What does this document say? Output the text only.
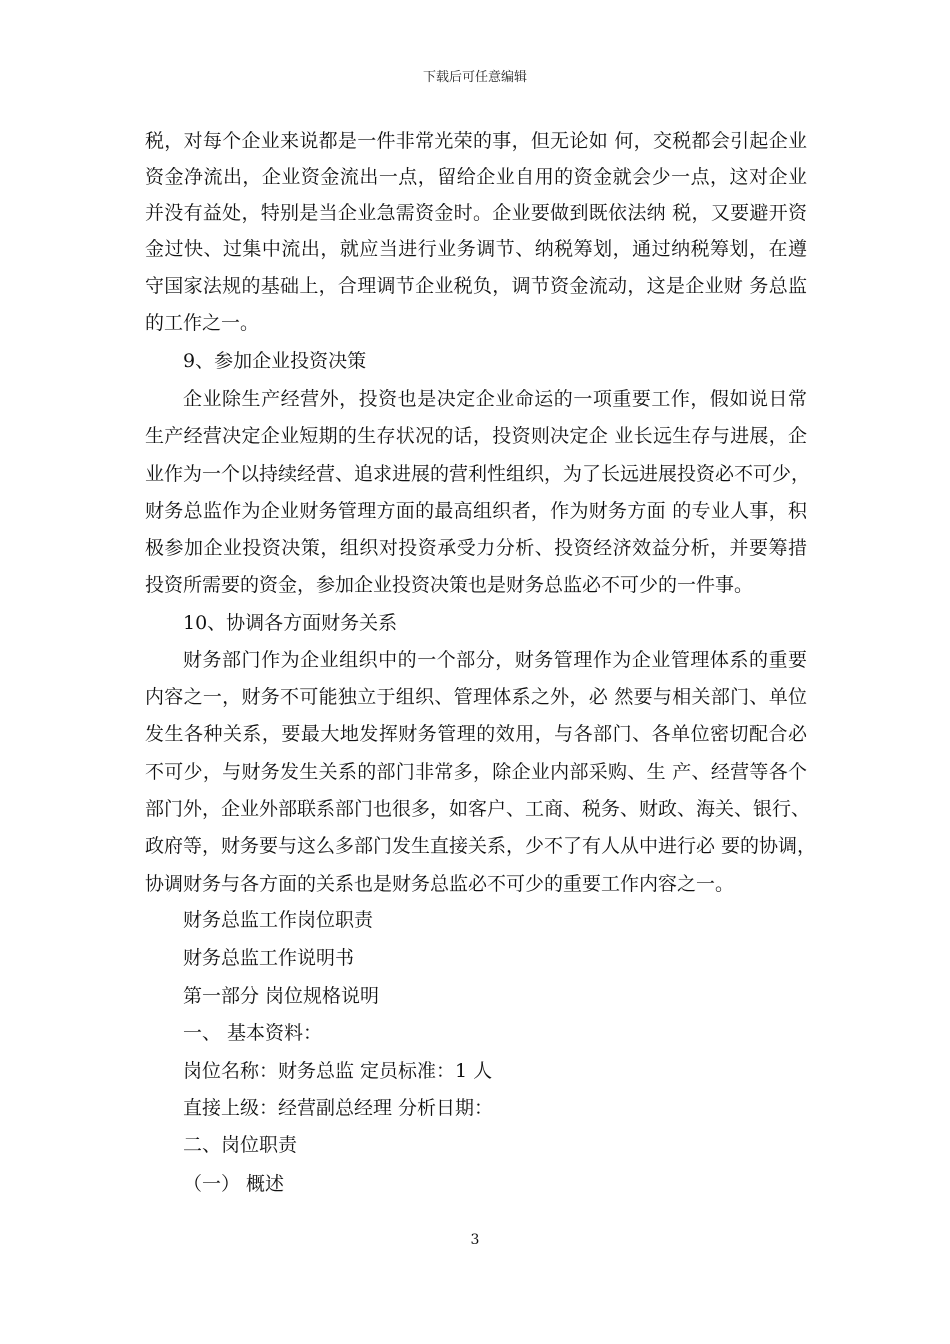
下载后可任意编辑
税，对每个企业来说都是一件非常光荣的事，但无论如 何，交税都会引起企业
资金净流出，企业资金流出一点，留给企业自用的资金就会少一点，这对企业
并没有益处，特别是当企业急需资金时。企业要做到既依法纳 税，又要避开资
金过快、过集中流出，就应当进行业务调节、纳税筹划，通过纳税筹划，在遵
守国家法规的基础上，合理调节企业税负，调节资金流动，这是企业财 务总监
的工作之一。
9、参加企业投资决策
企业除生产经营外，投资也是决定企业命运的一项重要工作，假如说日常
生产经营决定企业短期的生存状况的话，投资则决定企 业长远生存与进展，企
业作为一个以持续经营、追求进展的营利性组织，为了长远进展投资必不可少，
财务总监作为企业财务管理方面的最高组织者，作为财务方面 的专业人事，积
极参加企业投资决策，组织对投资承受力分析、投资经济效益分析，并要筹措
投资所需要的资金，参加企业投资决策也是财务总监必不可少的一件事。
10、协调各方面财务关系
财务部门作为企业组织中的一个部分，财务管理作为企业管理体系的重要
内容之一，财务不可能独立于组织、管理体系之外，必 然要与相关部门、单位
发生各种关系，要最大地发挥财务管理的效用，与各部门、各单位密切配合必
不可少，与财务发生关系的部门非常多，除企业内部采购、生 产、经营等各个
部门外，企业外部联系部门也很多，如客户、工商、税务、财政、海关、银行、
政府等，财务要与这么多部门发生直接关系，少不了有人从中进行必 要的协调，
协调财务与各方面的关系也是财务总监必不可少的重要工作内容之一。
财务总监工作岗位职责
财务总监工作说明书
第一部分 岗位规格说明
一、 基本资料：
岗位名称：财务总监 定员标准：1 人
直接上级：经营副总经理 分析日期：
二、岗位职责
（一） 概述
3
